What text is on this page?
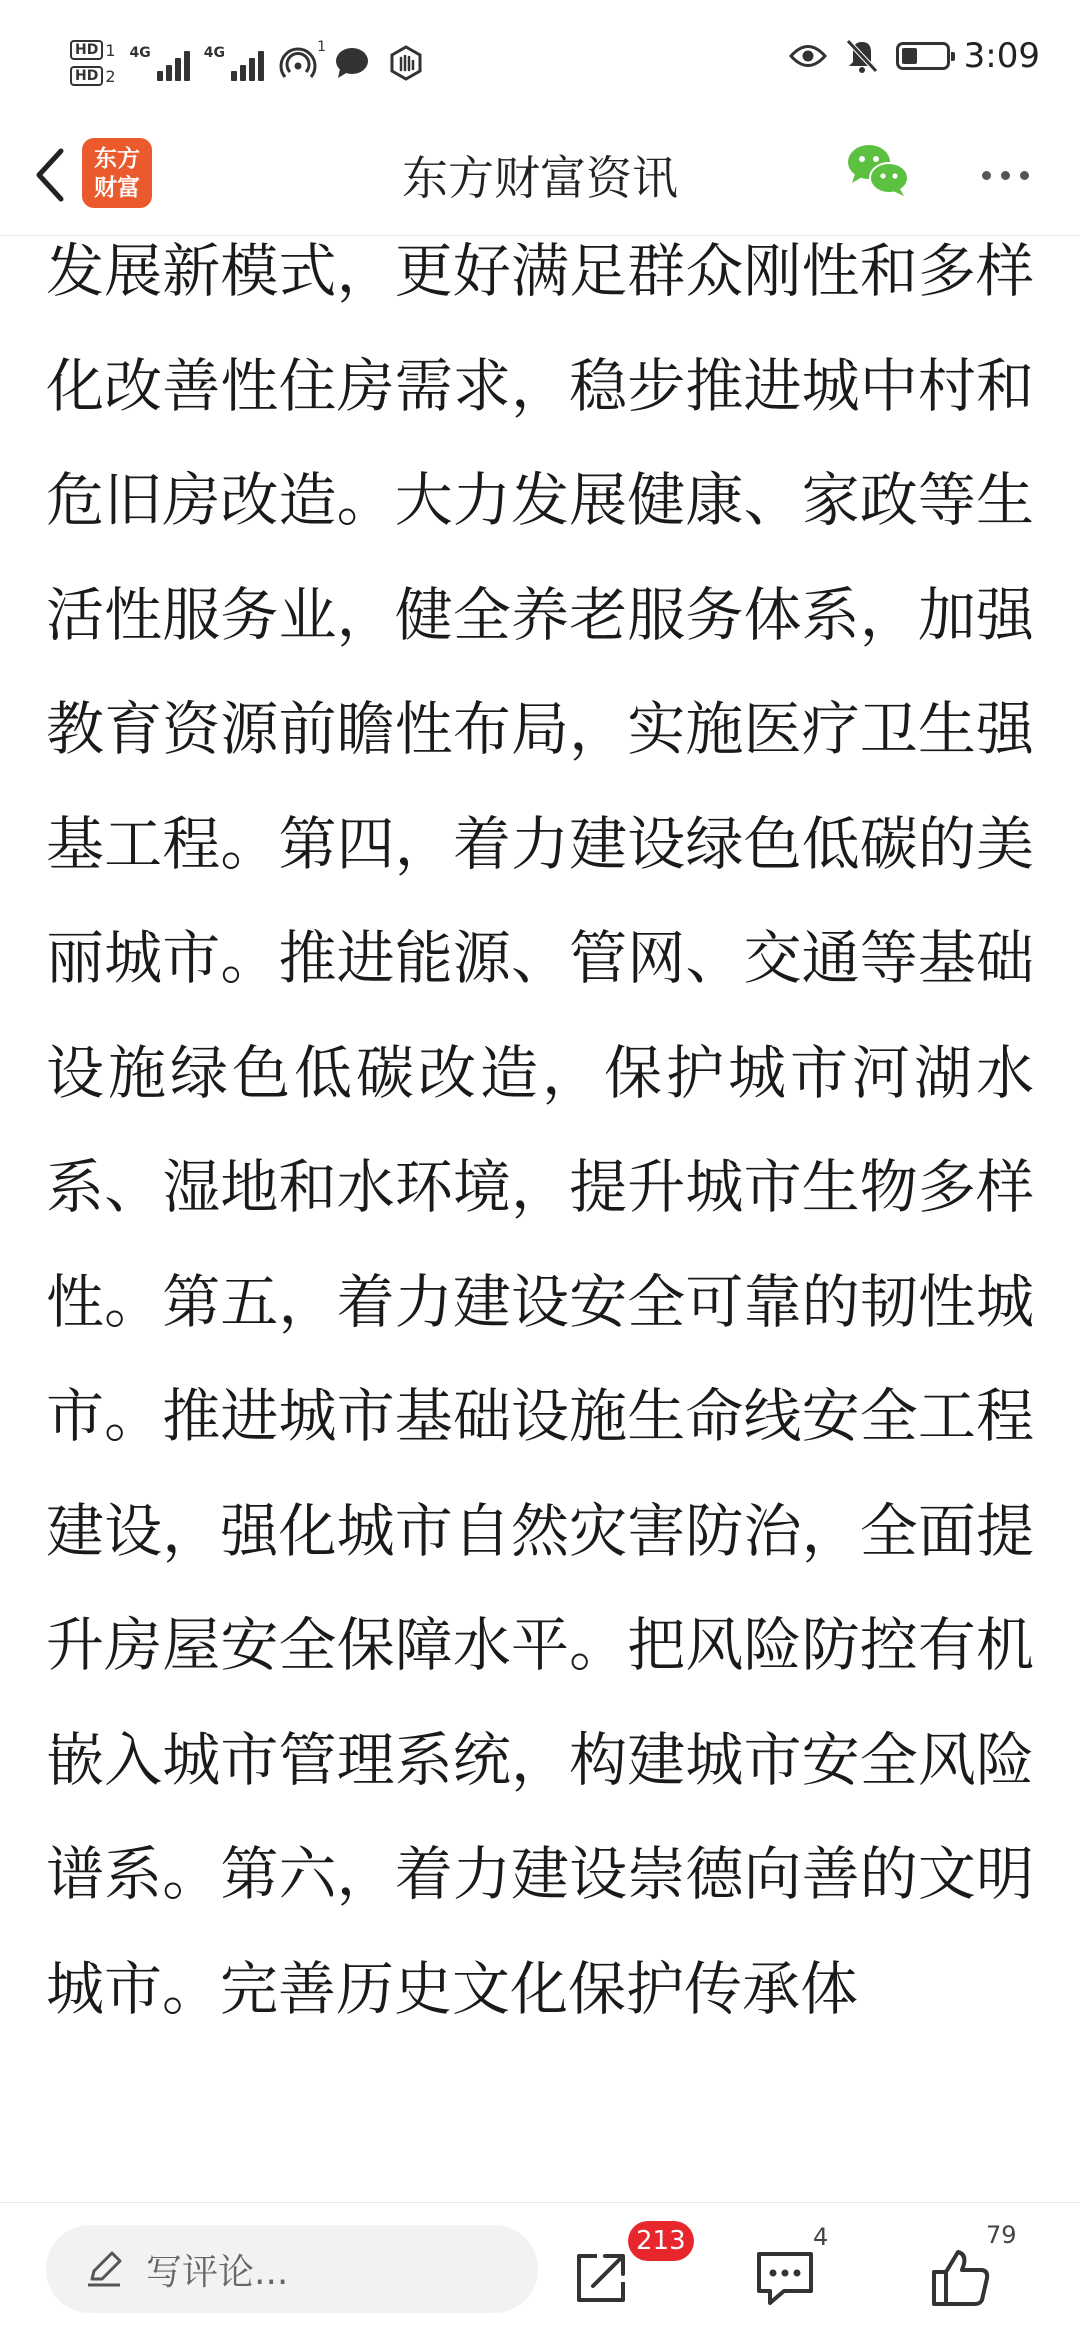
HD 1
HD 2
4G	4G	1	3:09
东方
财富	东方财富资讯

发展新模式，更好满足群众刚性和多样化改善性住房需求，稳步推进城中村和危旧房改造。大力发展健康、家政等生活性服务业，健全养老服务体系，加强教育资源前瞻性布局，实施医疗卫生强基工程。第四，着力建设绿色低碳的美丽城市。推进能源、管网、交通等基础设施绿色低碳改造，保护城市河湖水系、湿地和水环境，提升城市生物多样性。第五，着力建设安全可靠的韧性城市。推进城市基础设施生命线安全工程建设，强化城市自然灾害防治，全面提升房屋安全保障水平。把风险防控有机嵌入城市管理系统，构建城市安全风险谱系。第六，着力建设崇德向善的文明城市。完善历史文化保护传承体

写评论...
213	4	79
